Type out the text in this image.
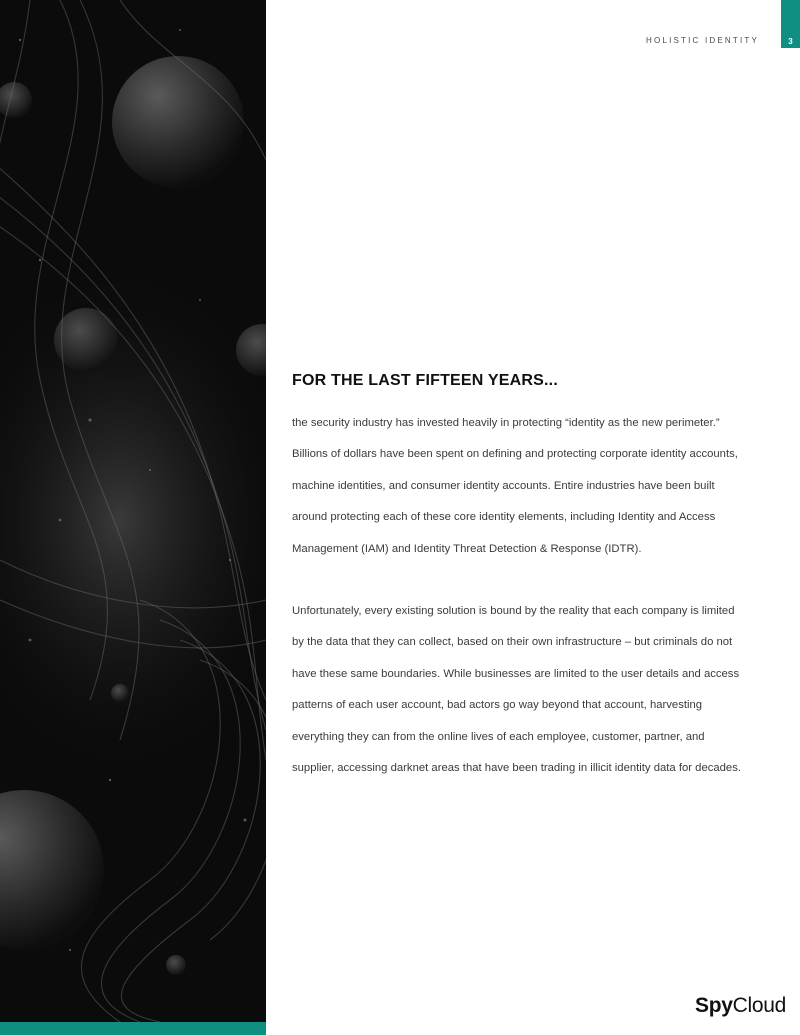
HOLISTIC IDENTITY	3
FOR THE LAST FIFTEEN YEARS...

the security industry has invested heavily in protecting “identity as the new perimeter.” Billions of dollars have been spent on defining and protecting corporate identity accounts, machine identities, and consumer identity accounts. Entire industries have been built around protecting each of these core identity elements, including Identity and Access Management (IAM) and Identity Threat Detection & Response (IDTR).

Unfortunately, every existing solution is bound by the reality that each company is limited by the data that they can collect, based on their own infrastructure – but criminals do not have these same boundaries. While businesses are limited to the user details and access patterns of each user account, bad actors go way beyond that account, harvesting everything they can from the online lives of each employee, customer, partner, and supplier, accessing darknet areas that have been trading in illicit identity data for decades.

SpyCloud
